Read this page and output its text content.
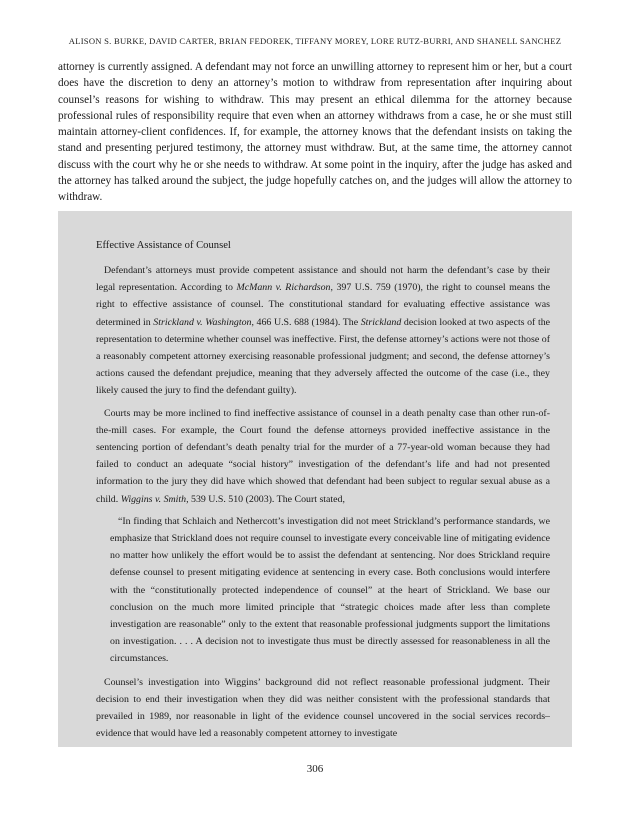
ALISON S. BURKE, DAVID CARTER, BRIAN FEDOREK, TIFFANY MOREY, LORE RUTZ-BURRI, AND SHANELL SANCHEZ

attorney is currently assigned. A defendant may not force an unwilling attorney to represent him or her, but a court does have the discretion to deny an attorney’s motion to withdraw from representation after inquiring about counsel’s reasons for wishing to withdraw. This may present an ethical dilemma for the attorney because professional rules of responsibility require that even when an attorney withdraws from a case, he or she must still maintain attorney-client confidences. If, for example, the attorney knows that the defendant insists on taking the stand and presenting perjured testimony, the attorney must withdraw. But, at the same time, the attorney cannot discuss with the court why he or she needs to withdraw. At some point in the inquiry, after the judge has asked and the attorney has talked around the subject, the judge hopefully catches on, and the judges will allow the attorney to withdraw.

Effective Assistance of Counsel

Defendant’s attorneys must provide competent assistance and should not harm the defendant’s case by their legal representation. According to McMann v. Richardson, 397 U.S. 759 (1970), the right to counsel means the right to effective assistance of counsel. The constitutional standard for evaluating effective assistance was determined in Strickland v. Washington, 466 U.S. 688 (1984). The Strickland decision looked at two aspects of the representation to determine whether counsel was ineffective. First, the defense attorney’s actions were not those of a reasonably competent attorney exercising reasonable professional judgment; and second, the defense attorney’s actions caused the defendant prejudice, meaning that they adversely affected the outcome of the case (i.e., they likely caused the jury to find the defendant guilty).

Courts may be more inclined to find ineffective assistance of counsel in a death penalty case than other run-of-the-mill cases. For example, the Court found the defense attorneys provided ineffective assistance in the sentencing portion of defendant’s death penalty trial for the murder of a 77-year-old woman because they had failed to conduct an adequate “social history” investigation of the defendant’s life and had not presented information to the jury they did have which showed that defendant had been subject to regular sexual abuse as a child. Wiggins v. Smith, 539 U.S. 510 (2003). The Court stated,

“In finding that Schlaich and Nethercott’s investigation did not meet Strickland’s performance standards, we emphasize that Strickland does not require counsel to investigate every conceivable line of mitigating evidence no matter how unlikely the effort would be to assist the defendant at sentencing. Nor does Strickland require defense counsel to present mitigating evidence at sentencing in every case. Both conclusions would interfere with the “constitutionally protected independence of counsel” at the heart of Strickland. We base our conclusion on the much more limited principle that “strategic choices made after less than complete investigation are reasonable” only to the extent that reasonable professional judgments support the limitations on investigation. . . . A decision not to investigate thus must be directly assessed for reasonableness in all the circumstances.

Counsel’s investigation into Wiggins’ background did not reflect reasonable professional judgment. Their decision to end their investigation when they did was neither consistent with the professional standards that prevailed in 1989, nor reasonable in light of the evidence counsel uncovered in the social services records–evidence that would have led a reasonably competent attorney to investigate

306
